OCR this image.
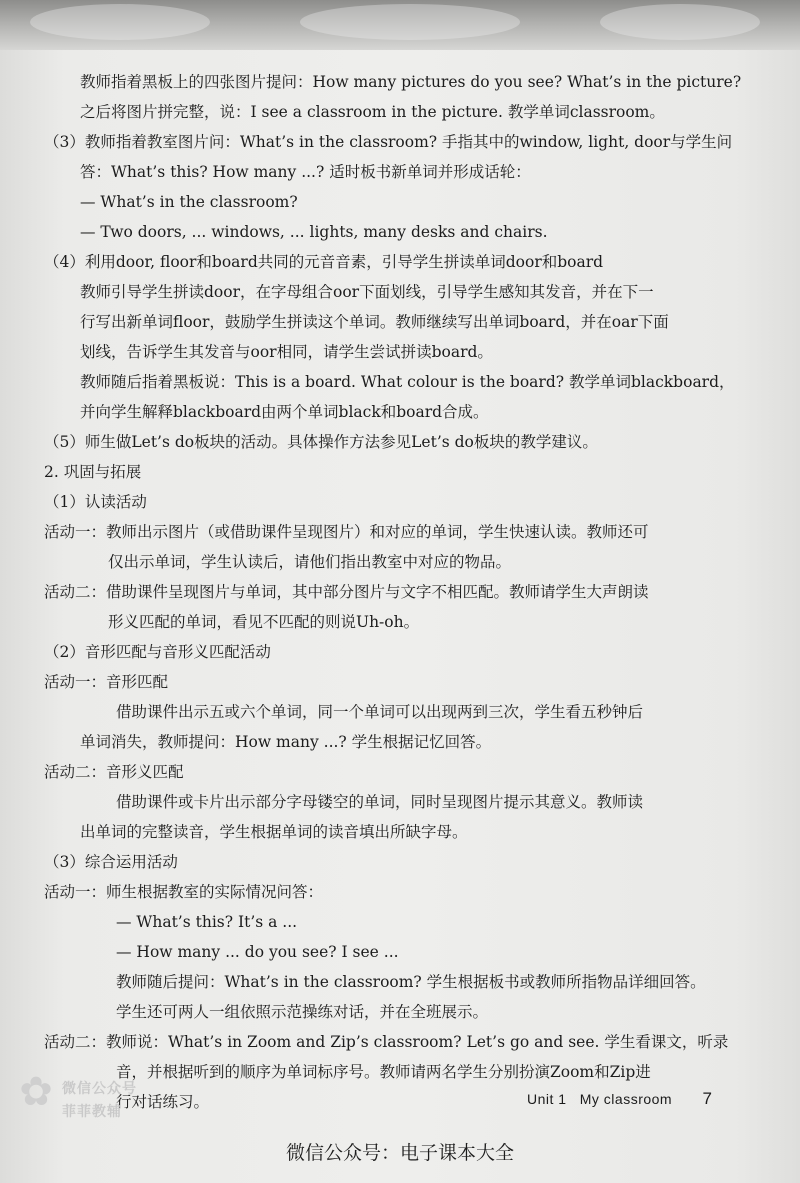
教师指着黑板上的四张图片提问：How many pictures do you see? What’s in the picture?
之后将图片拼完整，说：I see a classroom in the picture. 教学单词classroom。
（3）教师指着教室图片问：What’s in the classroom? 手指其中的window, light, door与学生问
答：What’s this? How many ...? 适时板书新单词并形成话轮：
— What’s in the classroom?
— Two doors, ... windows, ... lights, many desks and chairs.
（4）利用door, floor和board共同的元音音素，引导学生拼读单词door和board
教师引导学生拼读door，在字母组合oor下面划线，引导学生感知其发音，并在下一
行写出新单词floor，鼓励学生拼读这个单词。教师继续写出单词board，并在oar下面
划线，告诉学生其发音与oor相同，请学生尝试拼读board。
教师随后指着黑板说：This is a board. What colour is the board? 教学单词blackboard，
并向学生解释blackboard由两个单词black和board合成。
（5）师生做Let’s do板块的活动。具体操作方法参见Let’s do板块的教学建议。
2. 巩固与拓展
（1）认读活动
活动一：教师出示图片（或借助课件呈现图片）和对应的单词，学生快速认读。教师还可
仅出示单词，学生认读后，请他们指出教室中对应的物品。
活动二：借助课件呈现图片与单词，其中部分图片与文字不相匹配。教师请学生大声朗读
形义匹配的单词，看见不匹配的则说Uh-oh。
（2）音形匹配与音形义匹配活动
活动一：音形匹配
借助课件出示五或六个单词，同一个单词可以出现两到三次，学生看五秒钟后
单词消失，教师提问：How many ...? 学生根据记忆回答。
活动二：音形义匹配
借助课件或卡片出示部分字母镂空的单词，同时呈现图片提示其意义。教师读
出单词的完整读音，学生根据单词的读音填出所缺字母。
（3）综合运用活动
活动一：师生根据教室的实际情况问答：
— What’s this? It’s a ...
— How many ... do you see? I see ...
教师随后提问：What’s in the classroom? 学生根据板书或教师所指物品详细回答。
学生还可两人一组依照示范操练对话，并在全班展示。
活动二：教师说：What’s in Zoom and Zip’s classroom? Let’s go and see. 学生看课文，听录
音，并根据听到的顺序为单词标序号。教师请两名学生分别扮演Zoom和Zip进
行对话练习。
✿ 微信公众号
菲菲教辅
Unit 1 My classroom 7
微信公众号：电子课本大全
